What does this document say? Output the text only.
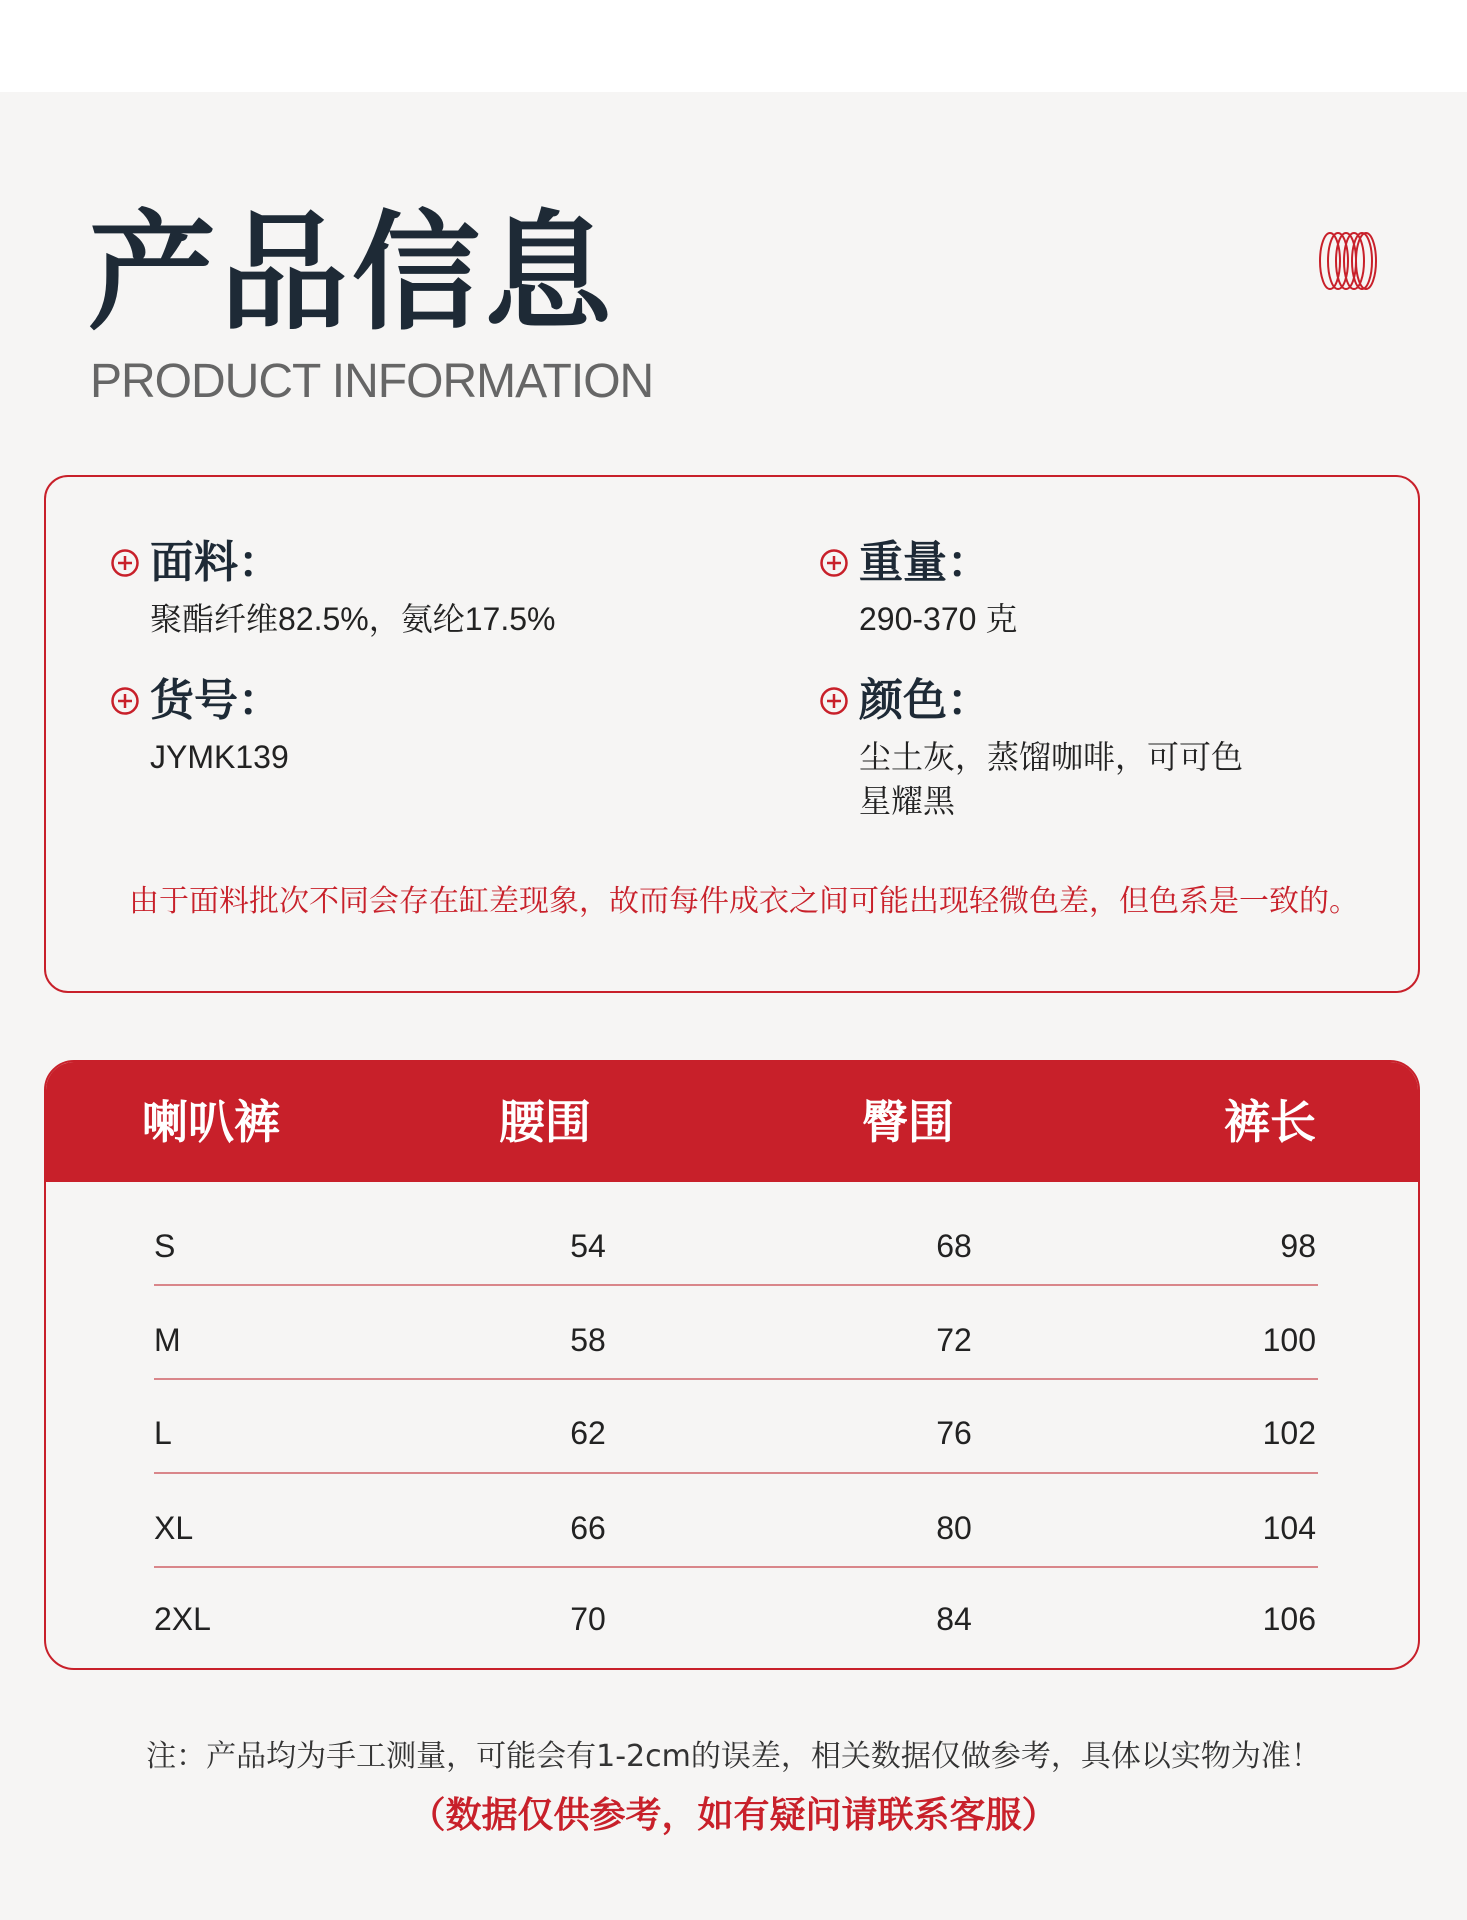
产品信息
PRODUCT INFORMATION
面料：
聚酯纤维82.5%，氨纶17.5%
重量：
290-370 克
货号：
JYMK139
颜色：
尘土灰，蒸馏咖啡，可可色
星耀黑
由于面料批次不同会存在缸差现象，故而每件成衣之间可能出现轻微色差，但色系是一致的。
喇叭裤	腰围	臀围	裤长
S	54	68	98
M	58	72	100
L	62	76	102
XL	66	80	104
2XL	70	84	106
注：产品均为手工测量，可能会有1-2cm的误差，相关数据仅做参考，具体以实物为准！
（数据仅供参考，如有疑问请联系客服）
